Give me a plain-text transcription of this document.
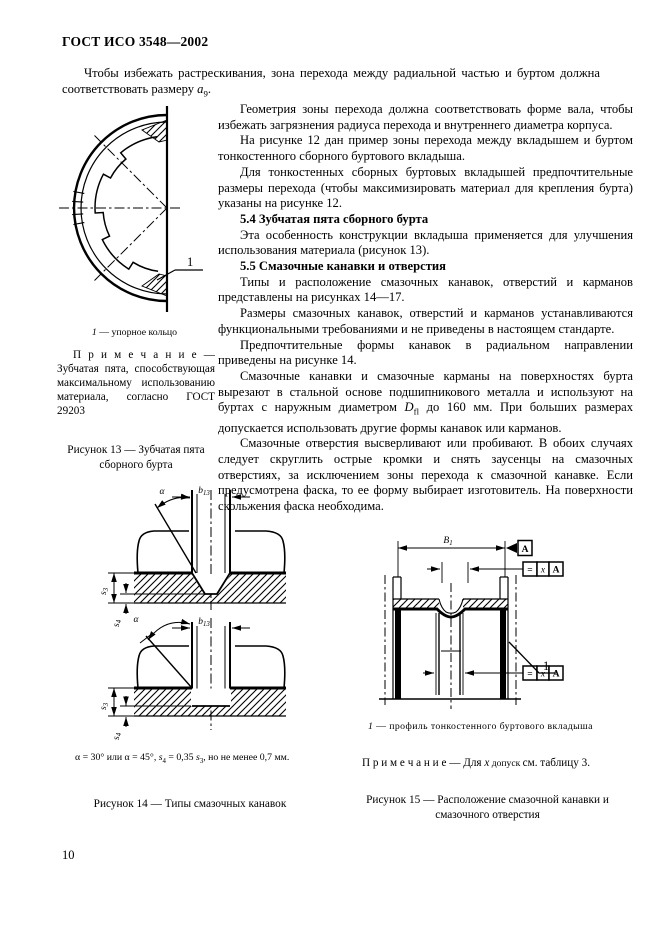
ГОСТ ИСО 3548—2002

Чтобы избежать растрескивания, зона перехода между радиальной частью и буртом должна соответствовать размеру $a_9$.

1
1 — упорное кольцо
П р и м е ч а н и е — Зубчатая пята, способствующая максимальному использованию материала, согласно ГОСТ 29203
Рисунок 13 — Зубчатая пята сборного бурта

Геометрия зоны перехода должна соответствовать форме вала, чтобы избежать загрязнения радиуса перехода и внутреннего диаметра корпуса.

На рисунке 12 дан пример зоны перехода между вкладышем и буртом тонкостенного сборного буртового вкладыша.

Для тонкостенных сборных буртовых вкладышей предпочтительные размеры перехода (чтобы максимизировать материал для крепления бурта) указаны на рисунке 12.

5.4 Зубчатая пята сборного бурта

Эта особенность конструкции вкладыша применяется для улучшения использования материала (рисунок 13).

5.5 Смазочные канавки и отверстия

Типы и расположение смазочных канавок, отверстий и карманов представлены на рисунках 14—17.

Размеры смазочных канавок, отверстий и карманов устанавливаются функциональными требованиями и не приведены в настоящем стандарте.

Предпочтительные формы канавок в радиальном направлении приведены на рисунке 14.

Смазочные канавки и смазочные карманы на поверхностях бурта вырезают в стальной основе подшипникового металла и используют на буртах с наружным диаметром $D_{fl}$ до 160 мм. При больших размерах допускается использовать другие формы канавок или карманов.

Смазочные отверстия высверливают или пробивают. В обоих случаях следует скруглить острые кромки и снять заусенцы на смазочных отверстиях, за исключением зоны перехода к смазочной канавке. Если предусмотрена фаска, то ее форму выбирает изготовитель. На поверхности скольжения фаска необходима.

α	b13
s3
s4 α	b13
s3
s4
α = 30° или α = 45°, $s_4 = 0,35$ $s_3$, но не менее 0,7 мм.
Рисунок 14 — Типы смазочных канавок
B1
A
= x A
= x A
1
1 — профиль тонкостенного буртового вкладыша
П р и м е ч а н и е — Для x допуск см. таблицу 3.
Рисунок 15 — Расположение смазочной канавки и смазочного отверстия
10
